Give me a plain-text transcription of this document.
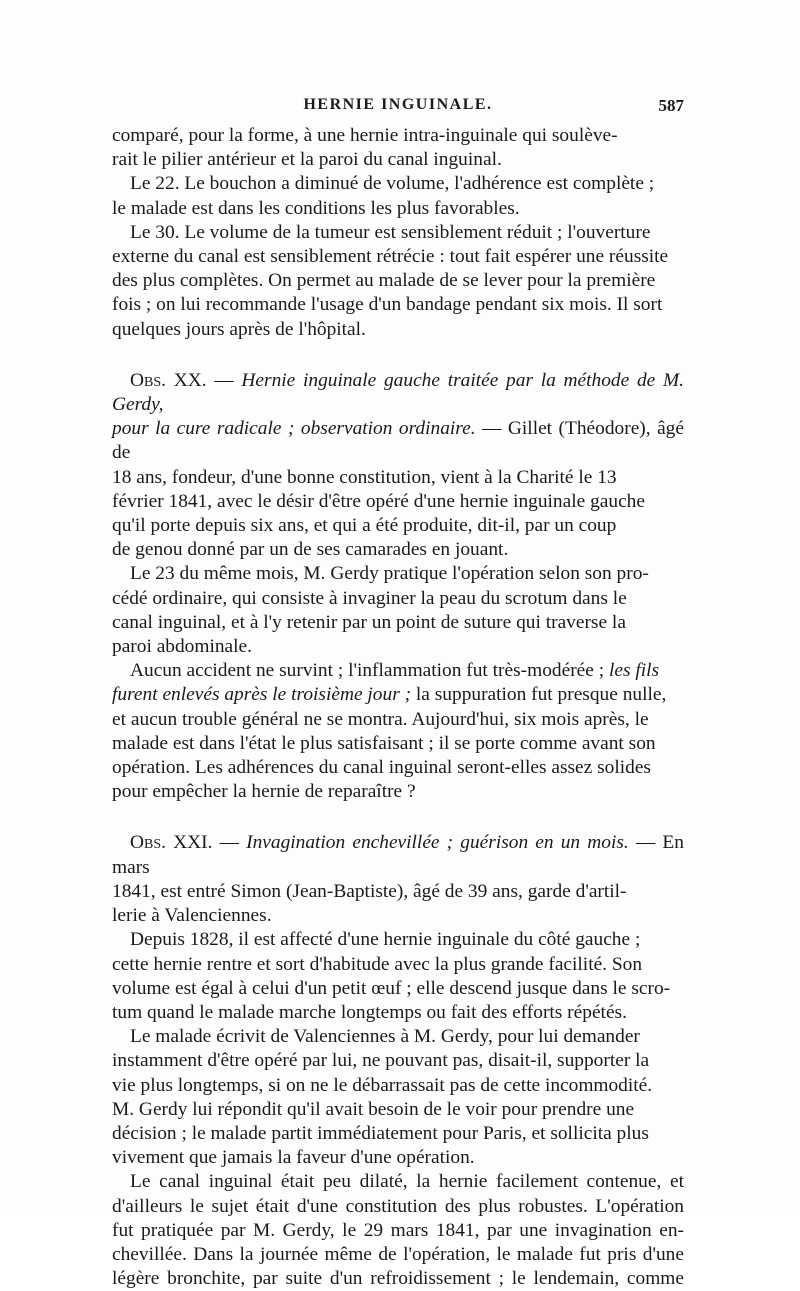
HERNIE INGUINALE.	587

comparé, pour la forme, à une hernie intra-inguinale qui soulève-
rait le pilier antérieur et la paroi du canal inguinal.

Le 22. Le bouchon a diminué de volume, l'adhérence est complète ;
le malade est dans les conditions les plus favorables.

Le 30. Le volume de la tumeur est sensiblement réduit ; l'ouverture
externe du canal est sensiblement rétrécie : tout fait espérer une réussite
des plus complètes. On permet au malade de se lever pour la première
fois ; on lui recommande l'usage d'un bandage pendant six mois. Il sort
quelques jours après de l'hôpital.

Obs. XX. — Hernie inguinale gauche traitée par la méthode de M. Gerdy,
pour la cure radicale ; observation ordinaire. — Gillet (Théodore), âgé de
18 ans, fondeur, d'une bonne constitution, vient à la Charité le 13
février 1841, avec le désir d'être opéré d'une hernie inguinale gauche
qu'il porte depuis six ans, et qui a été produite, dit-il, par un coup
de genou donné par un de ses camarades en jouant.

Le 23 du même mois, M. Gerdy pratique l'opération selon son pro-
cédé ordinaire, qui consiste à invaginer la peau du scrotum dans le
canal inguinal, et à l'y retenir par un point de suture qui traverse la
paroi abdominale.

Aucun accident ne survint ; l'inflammation fut très-modérée ; les fils
furent enlevés après le troisième jour ; la suppuration fut presque nulle,
et aucun trouble général ne se montra. Aujourd'hui, six mois après, le
malade est dans l'état le plus satisfaisant ; il se porte comme avant son
opération. Les adhérences du canal inguinal seront-elles assez solides
pour empêcher la hernie de reparaître ?

Obs. XXI. — Invagination enchevillée ; guérison en un mois. — En mars
1841, est entré Simon (Jean-Baptiste), âgé de 39 ans, garde d'artil-
lerie à Valenciennes.

Depuis 1828, il est affecté d'une hernie inguinale du côté gauche ;
cette hernie rentre et sort d'habitude avec la plus grande facilité. Son
volume est égal à celui d'un petit œuf ; elle descend jusque dans le scro-
tum quand le malade marche longtemps ou fait des efforts répétés.

Le malade écrivit de Valenciennes à M. Gerdy, pour lui demander
instamment d'être opéré par lui, ne pouvant pas, disait-il, supporter la
vie plus longtemps, si on ne le débarrassait pas de cette incommodité.
M. Gerdy lui répondit qu'il avait besoin de le voir pour prendre une
décision ; le malade partit immédiatement pour Paris, et sollicita plus
vivement que jamais la faveur d'une opération.

Le canal inguinal était peu dilaté, la hernie facilement contenue, et
d'ailleurs le sujet était d'une constitution des plus robustes. L'opération
fut pratiquée par M. Gerdy, le 29 mars 1841, par une invagination en-
chevillée. Dans la journée même de l'opération, le malade fut pris d'une
légère bronchite, par suite d'un refroidissement ; le lendemain, comme
